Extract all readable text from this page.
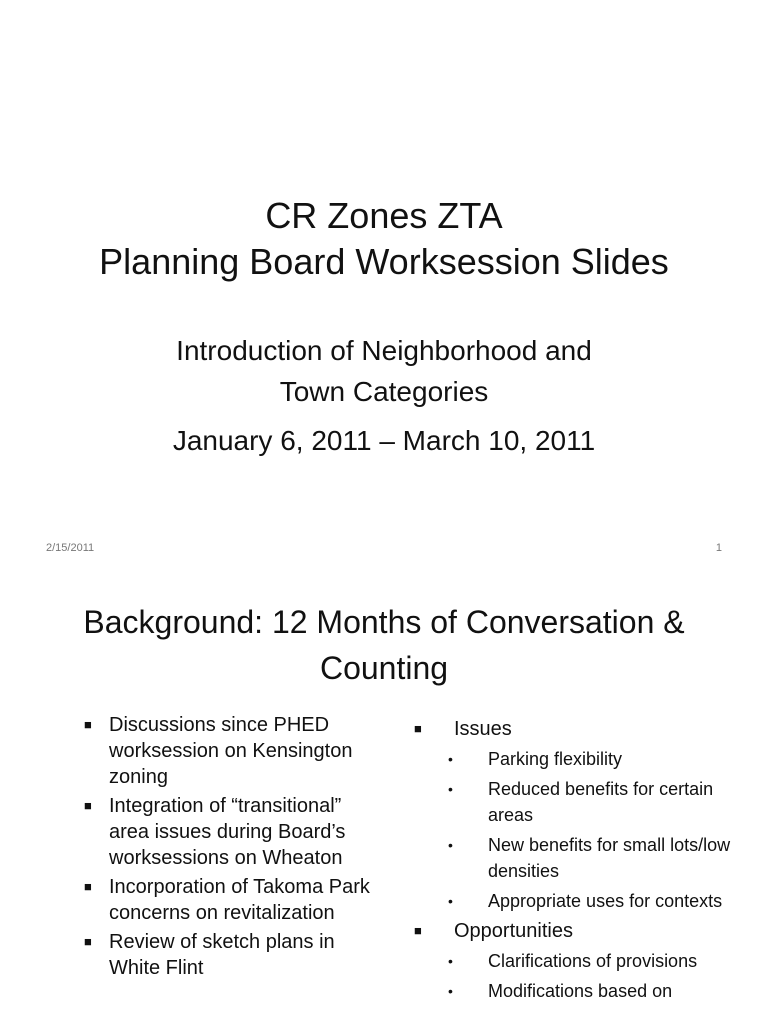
CR Zones ZTA

Planning Board Worksession Slides

Introduction of Neighborhood and

Town Categories

January 6, 2011 – March 10, 2011

2/15/2011	1

Background: 12 Months of Conversation &

Counting

■ Discussions since PHED worksession on Kensington zoning
■ Integration of “transitional” area issues during Board’s worksessions on Wheaton
■ Incorporation of Takoma Park concerns on revitalization
■ Review of sketch plans in White Flint
■	Issues
•	Parking flexibility
•	Reduced benefits for certain areas
•	New benefits for small lots/low densities
•	Appropriate uses for contexts
■	Opportunities
•	Clarifications of provisions
•	Modifications based on
